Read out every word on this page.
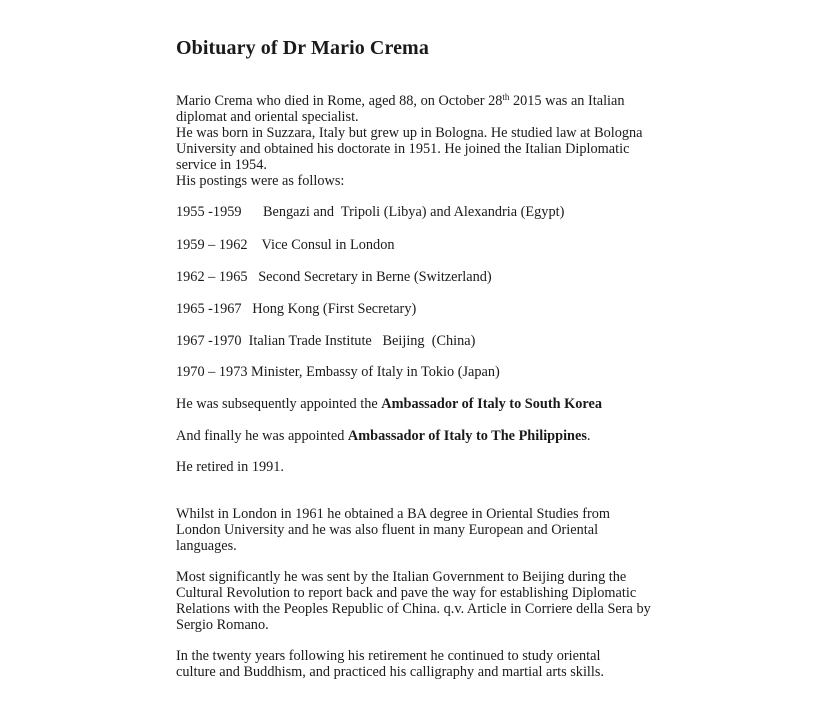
Obituary of Dr Mario Crema
Mario Crema who died in Rome, aged 88, on October 28th 2015 was an Italian
diplomat and oriental specialist.
He was born in Suzzara, Italy but grew up in Bologna. He studied law at Bologna
University and obtained his doctorate in 1951. He joined the Italian Diplomatic
service in 1954.
His postings were as follows:
1955 -1959      Bengazi and  Tripoli (Libya) and Alexandria (Egypt)
1959 – 1962    Vice Consul in London
1962 – 1965   Second Secretary in Berne (Switzerland)
1965 -1967   Hong Kong (First Secretary)
1967 -1970  Italian Trade Institute   Beijing  (China)
1970 – 1973 Minister, Embassy of Italy in Tokio (Japan)
He was subsequently appointed the Ambassador of Italy to South Korea
And finally he was appointed Ambassador of Italy to The Philippines.
He retired in 1991.
Whilst in London in 1961 he obtained a BA degree in Oriental Studies from
London University and he was also fluent in many European and Oriental
languages.
Most significantly he was sent by the Italian Government to Beijing during the
Cultural Revolution to report back and pave the way for establishing Diplomatic
Relations with the Peoples Republic of China. q.v. Article in Corriere della Sera by
Sergio Romano.
In the twenty years following his retirement he continued to study oriental
culture and Buddhism, and practiced his calligraphy and martial arts skills.
